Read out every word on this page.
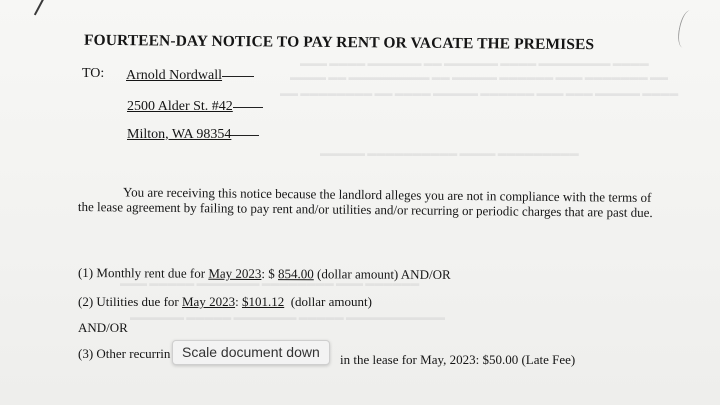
▬▬▬ ▬▬▬▬ ▬▬▬▬▬▬ ▬▬ ▬▬▬▬▬▬ ▬▬▬▬ ▬▬▬▬▬▬▬▬ ▬▬▬▬
▬▬▬▬ ▬▬ ▬▬▬▬▬▬▬▬▬ ▬▬ ▬▬▬▬▬ ▬▬▬▬▬▬ ▬▬▬ ▬▬▬▬▬▬▬ ▬▬
▬▬ ▬▬▬▬▬▬▬▬ ▬▬ ▬▬▬▬ ▬▬▬▬▬ ▬▬▬▬▬▬ ▬▬▬ ▬▬▬ ▬▬▬▬▬ ▬▬▬▬
▬▬▬▬▬ ▬▬▬▬▬▬▬▬▬▬ ▬▬▬▬ ▬▬▬▬▬▬▬▬▬
▬▬▬ ▬▬▬▬▬ ▬▬▬▬▬▬▬ ▬▬▬▬▬▬▬▬ ▬▬▬ ▬▬▬▬▬▬
▬▬▬▬▬▬ ▬▬▬▬▬ ▬▬▬▬▬▬▬ ▬▬▬▬▬ ▬▬▬▬▬▬▬▬▬▬▬
FOURTEEN-DAY NOTICE TO PAY RENT OR VACATE THE PREMISES
TO: Arnold Nordwall
2500 Alder St. #42
Milton, WA 98354
You are receiving this notice because the landlord alleges you are not in compliance with the terms of the lease agreement by failing to pay rent and/or utilities and/or recurring or periodic charges that are past due.
(1) Monthly rent due for May 2023: $ 854.00 (dollar amount) AND/OR
(2) Utilities due for May 2023: $101.12  (dollar amount)
AND/OR
(3) Other recurrin	in the lease for May, 2023: $50.00 (Late Fee)
Scale document down
